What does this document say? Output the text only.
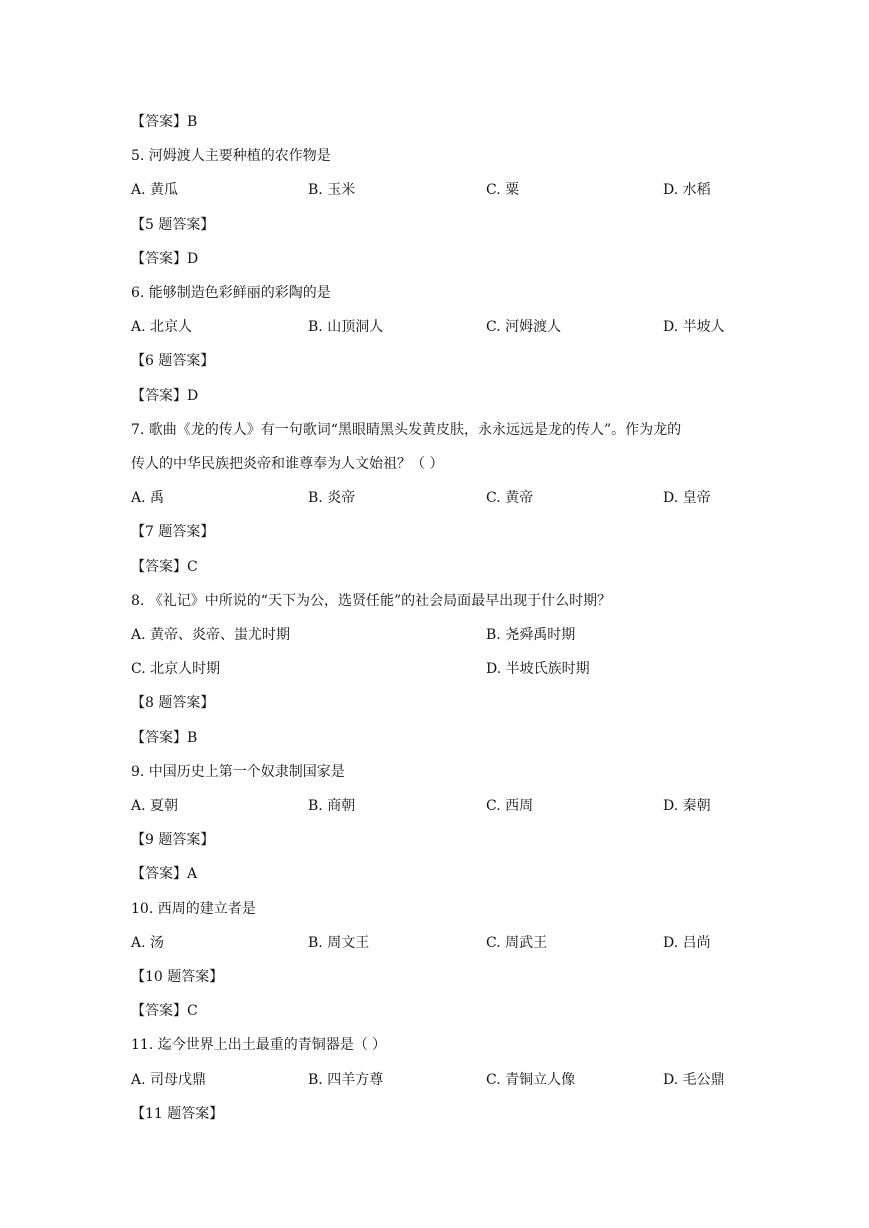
【答案】B
5. 河姆渡人主要种植的农作物是
A. 黄瓜	B. 玉米	C. 粟	D. 水稻
【5 题答案】
【答案】D
6. 能够制造色彩鲜丽的彩陶的是
A. 北京人	B. 山顶洞人	C. 河姆渡人	D. 半坡人
【6 题答案】
【答案】D
7. 歌曲《龙的传人》有一句歌词“黑眼睛黑头发黄皮肤，永永远远是龙的传人”。作为龙的
传人的中华民族把炎帝和谁尊奉为人文始祖？（ ）
A. 禹	B. 炎帝	C. 黄帝	D. 皇帝
【7 题答案】
【答案】C
8. 《礼记》中所说的“天下为公，选贤任能”的社会局面最早出现于什么时期？
A. 黄帝、炎帝、蚩尤时期	B. 尧舜禹时期
C. 北京人时期	D. 半坡氏族时期
【8 题答案】
【答案】B
9. 中国历史上第一个奴隶制国家是
A. 夏朝	B. 商朝	C. 西周	D. 秦朝
【9 题答案】
【答案】A
10. 西周的建立者是
A. 汤	B. 周文王	C. 周武王	D. 吕尚
【10 题答案】
【答案】C
11. 迄今世界上出土最重的青铜器是（ ）
A. 司母戊鼎	B. 四羊方尊	C. 青铜立人像	D. 毛公鼎
【11 题答案】
